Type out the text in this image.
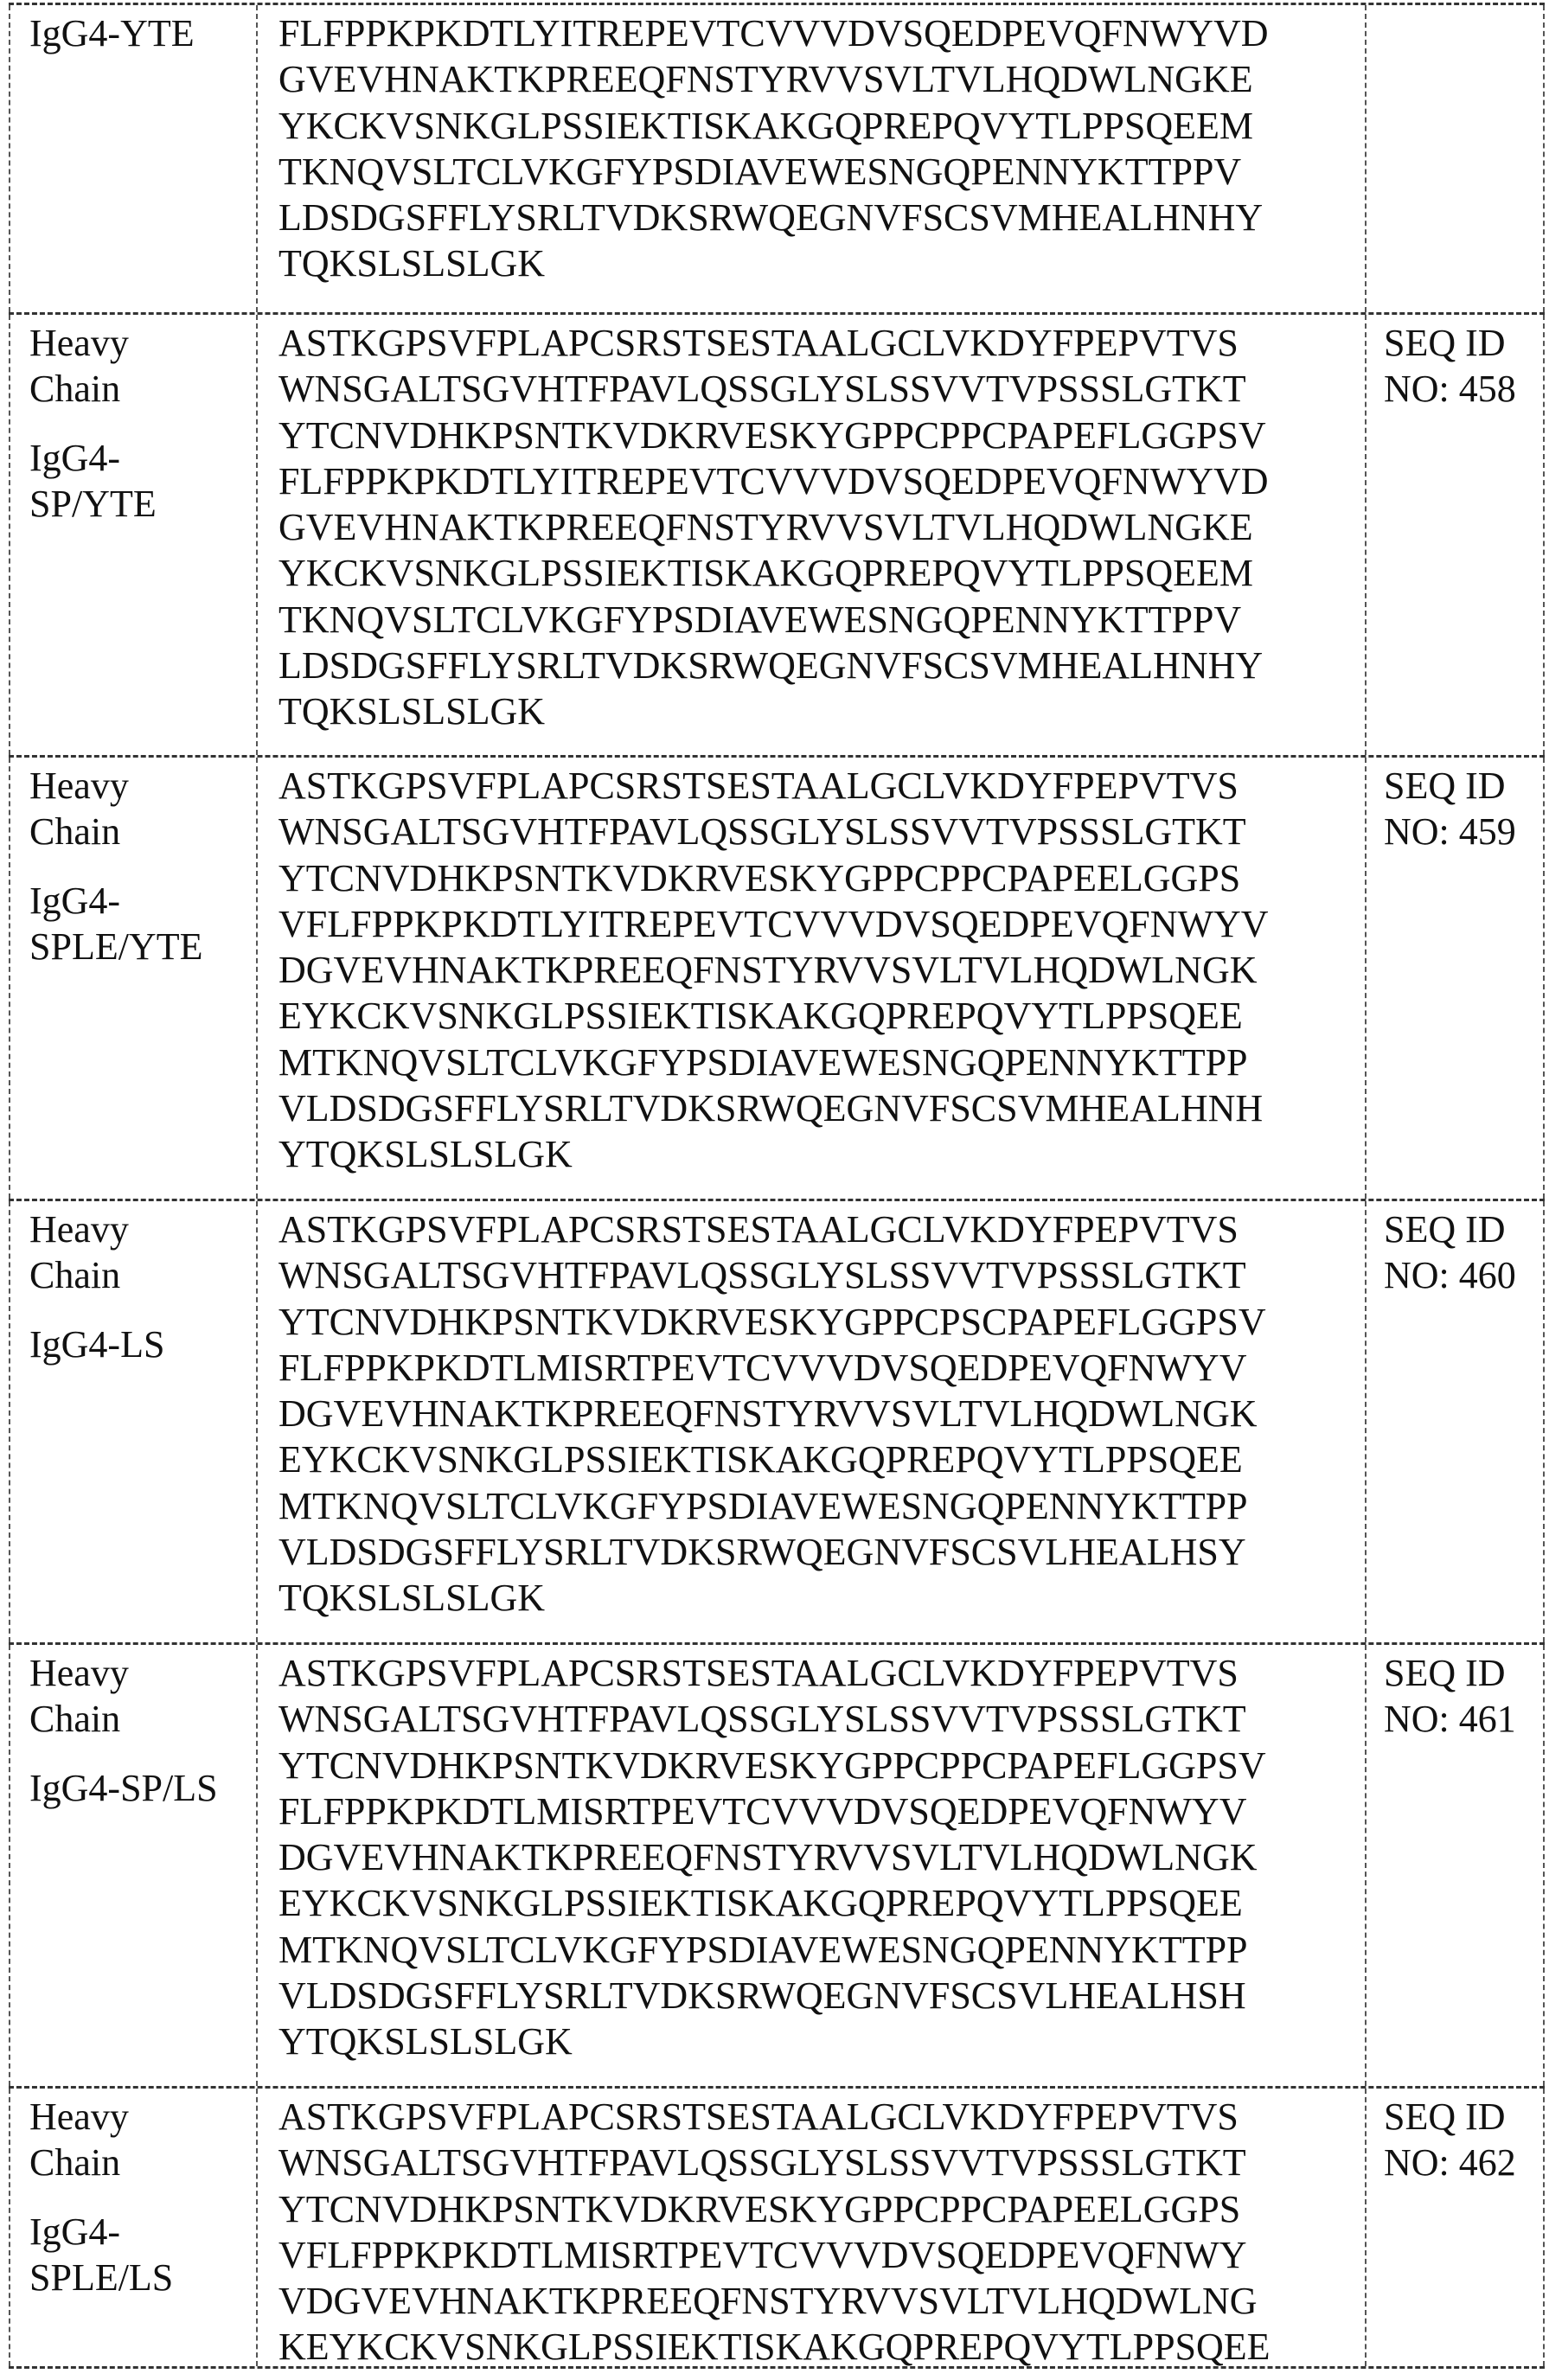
IgG4-YTE	FLFPPKPKDTLYITREPEVTCVVVDVSQEDPEVQFNWYVD
GVEVHNAKTKPREEQFNSTYRVVSVLTVLHQDWLNGKE
YKCKVSNKGLPSSIEKTISKAKGQPREPQVYTLPPSQEEM
TKNQVSLTCLVKGFYPSDIAVEWESNGQPENNYKTTPPV
LDSDGSFFLYSRLTVDKSRWQEGNVFSCSVMHEALHNHY
TQKSLSLSLGK
Heavy
Chain
IgG4-
SP/YTE
ASTKGPSVFPLAPCSRSTSESTAALGCLVKDYFPEPVTVS
WNSGALTSGVHTFPAVLQSSGLYSLSSVVTVPSSSLGTKT
YTCNVDHKPSNTKVDKRVESKYGPPCPPCPAPEFLGGPSV
FLFPPKPKDTLYITREPEVTCVVVDVSQEDPEVQFNWYVD
GVEVHNAKTKPREEQFNSTYRVVSVLTVLHQDWLNGKE
YKCKVSNKGLPSSIEKTISKAKGQPREPQVYTLPPSQEEM
TKNQVSLTCLVKGFYPSDIAVEWESNGQPENNYKTTPPV
LDSDGSFFLYSRLTVDKSRWQEGNVFSCSVMHEALHNHY
TQKSLSLSLGK
SEQ ID
NO: 458
Heavy
Chain
IgG4-
SPLE/YTE
ASTKGPSVFPLAPCSRSTSESTAALGCLVKDYFPEPVTVS
WNSGALTSGVHTFPAVLQSSGLYSLSSVVTVPSSSLGTKT
YTCNVDHKPSNTKVDKRVESKYGPPCPPCPAPEELGGPS
VFLFPPKPKDTLYITREPEVTCVVVDVSQEDPEVQFNWYV
DGVEVHNAKTKPREEQFNSTYRVVSVLTVLHQDWLNGK
EYKCKVSNKGLPSSIEKTISKAKGQPREPQVYTLPPSQEE
MTKNQVSLTCLVKGFYPSDIAVEWESNGQPENNYKTTPP
VLDSDGSFFLYSRLTVDKSRWQEGNVFSCSVMHEALHNH
YTQKSLSLSLGK
SEQ ID
NO: 459
Heavy
Chain
IgG4-LS
ASTKGPSVFPLAPCSRSTSESTAALGCLVKDYFPEPVTVS
WNSGALTSGVHTFPAVLQSSGLYSLSSVVTVPSSSLGTKT
YTCNVDHKPSNTKVDKRVESKYGPPCPSCPAPEFLGGPSV
FLFPPKPKDTLMISRTPEVTCVVVDVSQEDPEVQFNWYV
DGVEVHNAKTKPREEQFNSTYRVVSVLTVLHQDWLNGK
EYKCKVSNKGLPSSIEKTISKAKGQPREPQVYTLPPSQEE
MTKNQVSLTCLVKGFYPSDIAVEWESNGQPENNYKTTPP
VLDSDGSFFLYSRLTVDKSRWQEGNVFSCSVLHEALHSY
TQKSLSLSLGK
SEQ ID
NO: 460
Heavy
Chain
IgG4-SP/LS
ASTKGPSVFPLAPCSRSTSESTAALGCLVKDYFPEPVTVS
WNSGALTSGVHTFPAVLQSSGLYSLSSVVTVPSSSLGTKT
YTCNVDHKPSNTKVDKRVESKYGPPCPPCPAPEFLGGPSV
FLFPPKPKDTLMISRTPEVTCVVVDVSQEDPEVQFNWYV
DGVEVHNAKTKPREEQFNSTYRVVSVLTVLHQDWLNGK
EYKCKVSNKGLPSSIEKTISKAKGQPREPQVYTLPPSQEE
MTKNQVSLTCLVKGFYPSDIAVEWESNGQPENNYKTTPP
VLDSDGSFFLYSRLTVDKSRWQEGNVFSCSVLHEALHSH
YTQKSLSLSLGK
SEQ ID
NO: 461
Heavy
Chain
IgG4-
SPLE/LS
ASTKGPSVFPLAPCSRSTSESTAALGCLVKDYFPEPVTVS
WNSGALTSGVHTFPAVLQSSGLYSLSSVVTVPSSSLGTKT
YTCNVDHKPSNTKVDKRVESKYGPPCPPCPAPEELGGPS
VFLFPPKPKDTLMISRTPEVTCVVVDVSQEDPEVQFNWY
VDGVEVHNAKTKPREEQFNSTYRVVSVLTVLHQDWLNG
KEYKCKVSNKGLPSSIEKTISKAKGQPREPQVYTLPPSQEE
SEQ ID
NO: 462
